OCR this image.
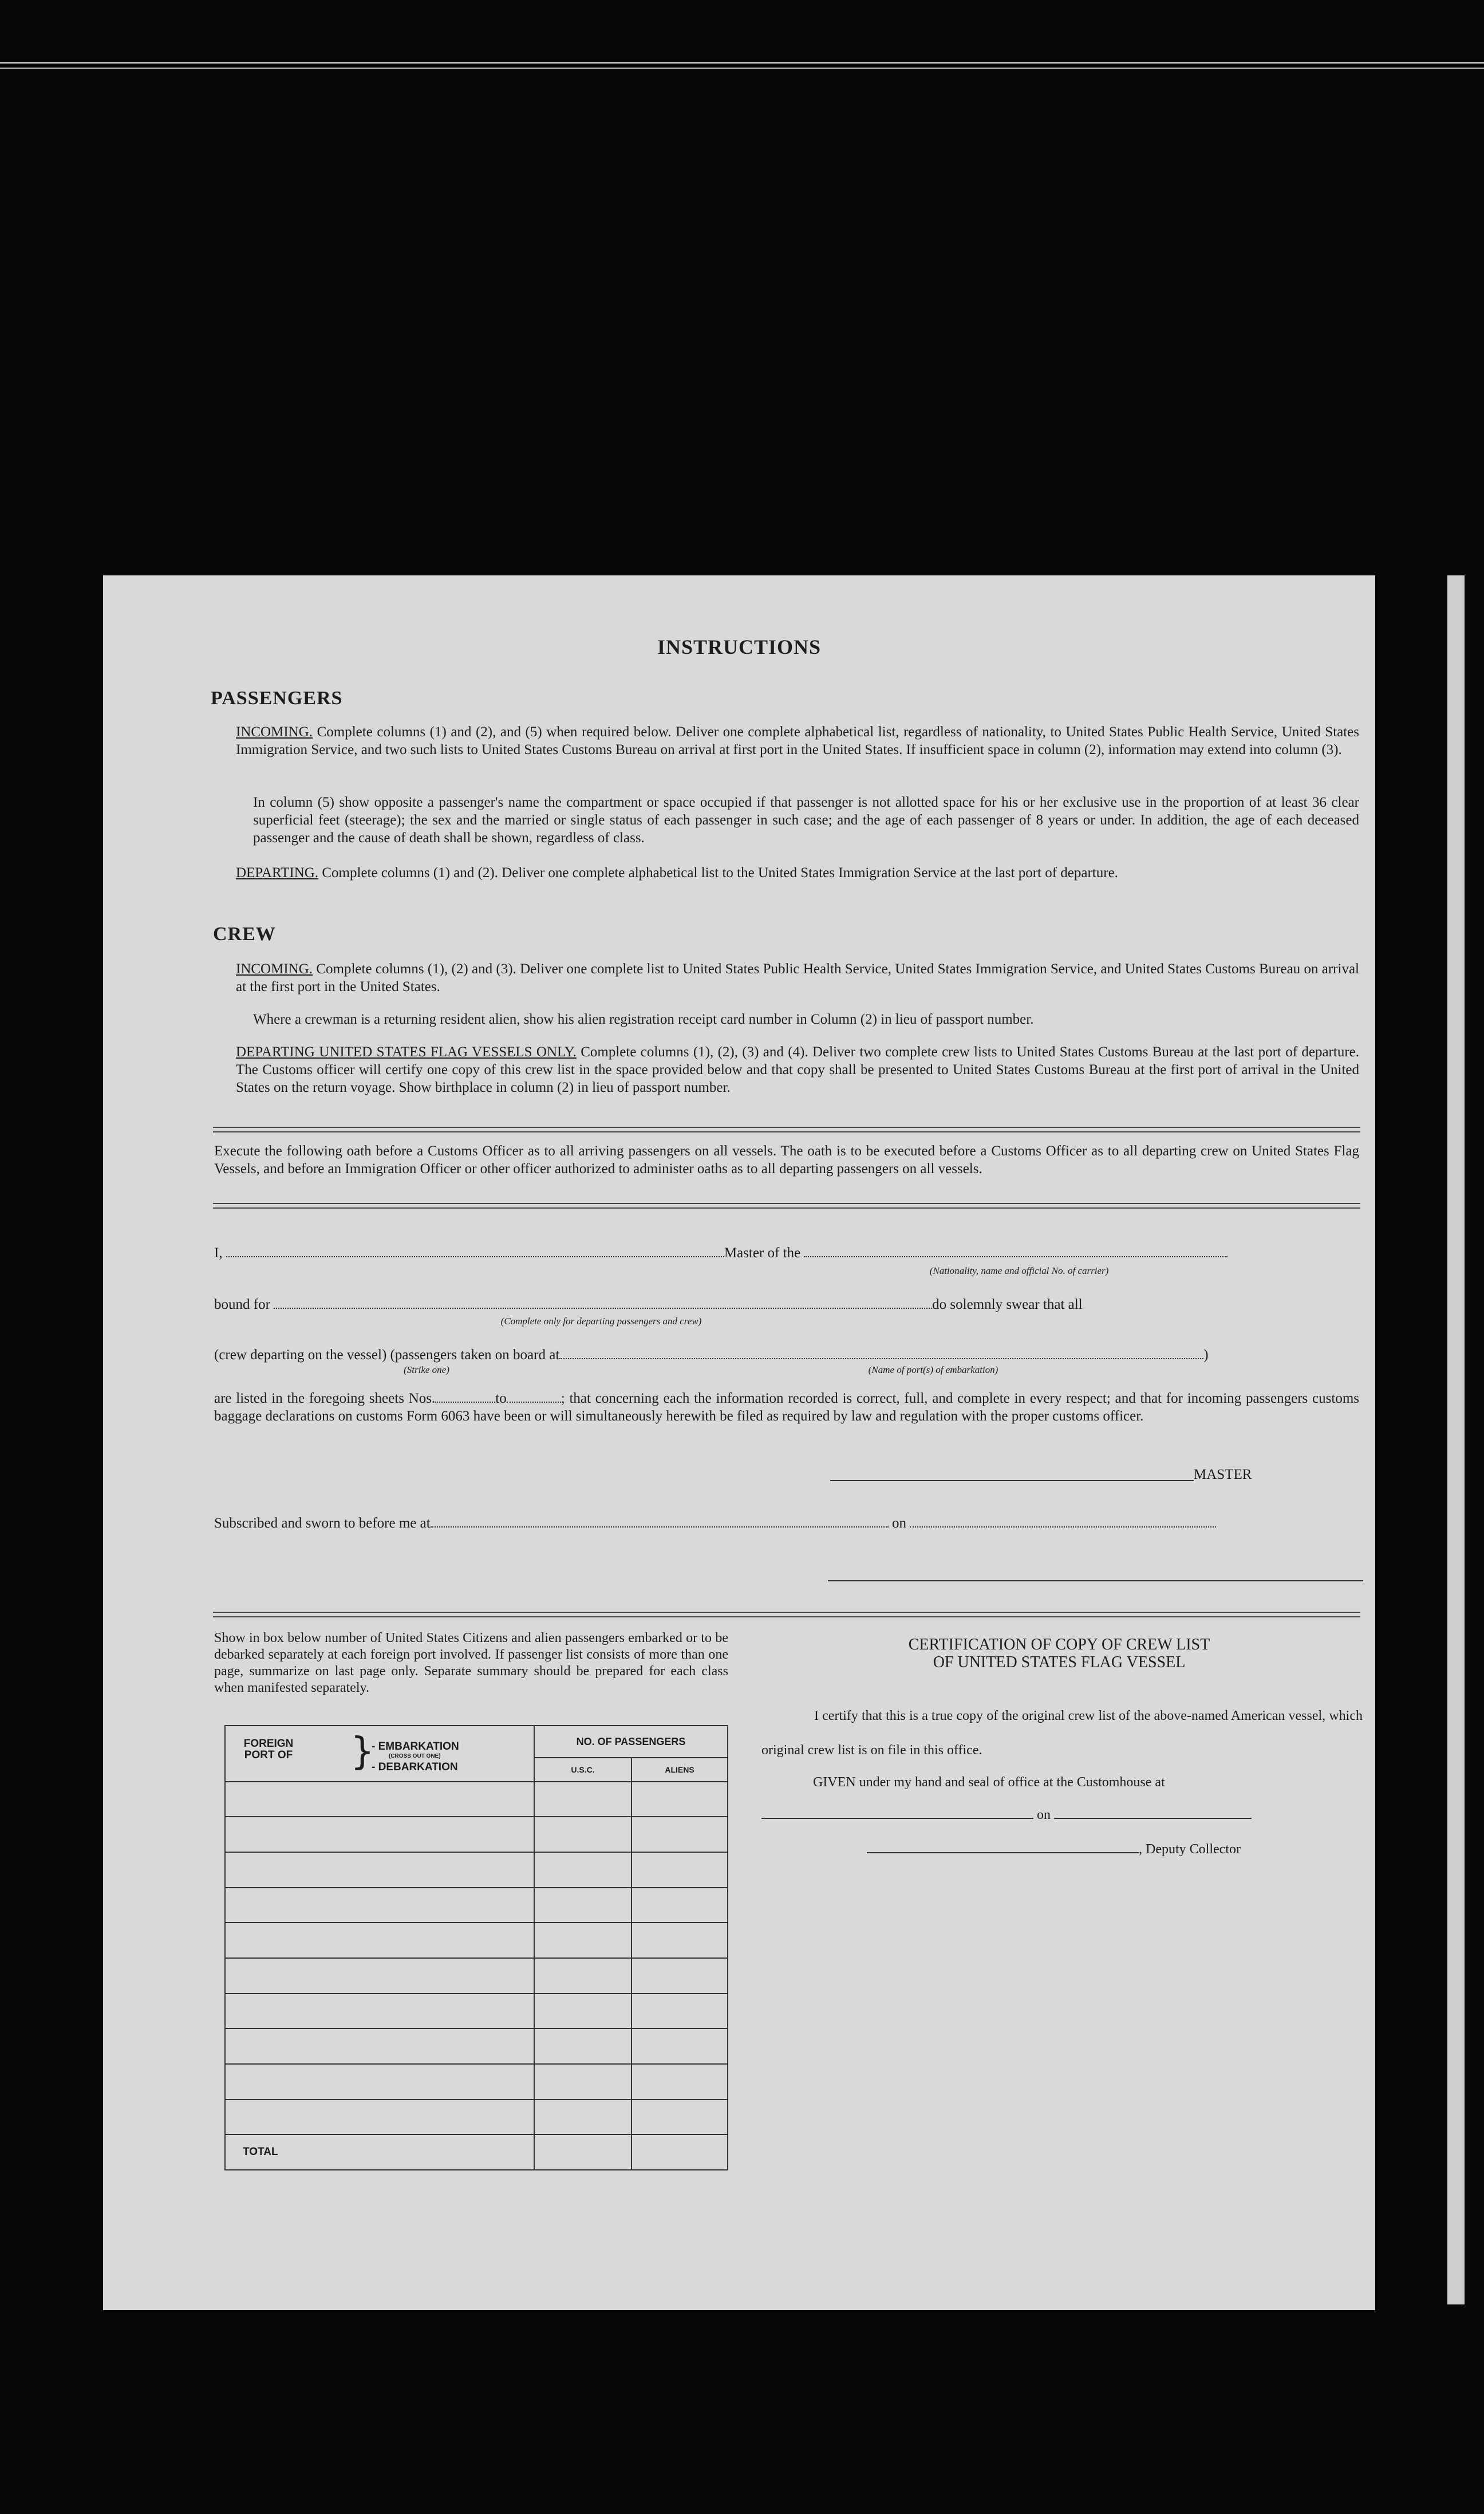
INSTRUCTIONS
PASSENGERS
INCOMING. Complete columns (1) and (2), and (5) when required below. Deliver one complete alphabetical list, regardless of nationality, to United States Public Health Service, United States Immigration Service, and two such lists to United States Customs Bureau on arrival at first port in the United States. If insufficient space in column (2), information may extend into column (3).
In column (5) show opposite a passenger's name the compartment or space occupied if that passenger is not allotted space for his or her exclusive use in the proportion of at least 36 clear superficial feet (steerage); the sex and the married or single status of each passenger in such case; and the age of each passenger of 8 years or under. In addition, the age of each deceased passenger and the cause of death shall be shown, regardless of class.
DEPARTING. Complete columns (1) and (2). Deliver one complete alphabetical list to the United States Immigration Service at the last port of departure.
CREW
INCOMING. Complete columns (1), (2) and (3). Deliver one complete list to United States Public Health Service, United States Immigration Service, and United States Customs Bureau on arrival at the first port in the United States.
Where a crewman is a returning resident alien, show his alien registration receipt card number in Column (2) in lieu of passport number.
DEPARTING UNITED STATES FLAG VESSELS ONLY. Complete columns (1), (2), (3) and (4). Deliver two complete crew lists to United States Customs Bureau at the last port of departure. The Customs officer will certify one copy of this crew list in the space provided below and that copy shall be presented to United States Customs Bureau at the first port of arrival in the United States on the return voyage. Show birthplace in column (2) in lieu of passport number.
Execute the following oath before a Customs Officer as to all arriving passengers on all vessels. The oath is to be executed before a Customs Officer as to all departing crew on United States Flag Vessels, and before an Immigration Officer or other officer authorized to administer oaths as to all departing passengers on all vessels.
I,	Master of the
(Nationality, name and official No. of carrier)
bound for	do solemnly swear that all
(Complete only for departing passengers and crew)
(crew departing on the vessel) (passengers taken on board at	)
(Strike one)	(Name of port(s) of embarkation)
are listed in the foregoing sheets Nos.	to	; that concerning each the information recorded is correct, full, and complete in every respect; and that for incoming passengers customs baggage declarations on customs Form 6063 have been or will simultaneously herewith be filed as required by law and regulation with the proper customs officer.
MASTER
Subscribed and sworn to before me at	on
Show in box below number of United States Citizens and alien passengers embarked or to be debarked separately at each foreign port involved. If passenger list consists of more than one page, summarize on last page only. Separate summary should be prepared for each class when manifested separately.
FOREIGN PORT OF }
- EMBARKATION
(CROSS OUT ONE)
- DEBARKATION	NO. OF PASSENGERS	
	U.S.C.	ALIENS

TOTAL		
CERTIFICATION OF COPY OF CREW LIST
OF UNITED STATES FLAG VESSEL
I certify that this is a true copy of the original crew list of the above-named American vessel, which original crew list is on file in this office.
GIVEN under my hand and seal of office at the Customhouse at
on
, Deputy Collector
